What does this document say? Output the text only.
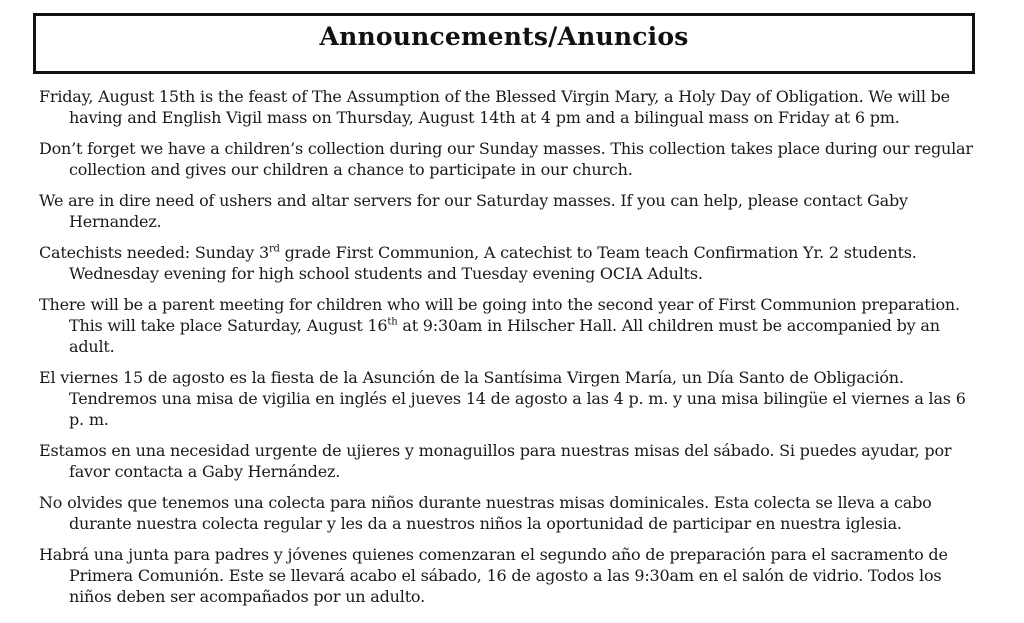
Announcements/Anuncios

Friday, August 15th is the feast of The Assumption of the Blessed Virgin Mary, a Holy Day of Obligation. We will be having and English Vigil mass on Thursday, August 14th at 4 pm and a bilingual mass on Friday at 6 pm.

Don’t forget we have a children’s collection during our Sunday masses. This collection takes place during our regular collection and gives our children a chance to participate in our church.

We are in dire need of ushers and altar servers for our Saturday masses. If you can help, please contact Gaby Hernandez.

Catechists needed: Sunday 3rd grade First Communion, A catechist to Team teach Confirmation Yr. 2 students. Wednesday evening for high school students and Tuesday evening OCIA Adults.

There will be a parent meeting for children who will be going into the second year of First Communion preparation. This will take place Saturday, August 16th at 9:30am in Hilscher Hall. All children must be accompanied by an adult.

El viernes 15 de agosto es la fiesta de la Asunción de la Santísima Virgen María, un Día Santo de Obligación. Tendremos una misa de vigilia en inglés el jueves 14 de agosto a las 4 p. m. y una misa bilingüe el viernes a las 6 p. m.

Estamos en una necesidad urgente de ujieres y monaguillos para nuestras misas del sábado. Si puedes ayudar, por favor contacta a Gaby Hernández.

No olvides que tenemos una colecta para niños durante nuestras misas dominicales. Esta colecta se lleva a cabo durante nuestra colecta regular y les da a nuestros niños la oportunidad de participar en nuestra iglesia.

Habrá una junta para padres y jóvenes quienes comenzaran el segundo año de preparación para el sacramento de Primera Comunión. Este se llevará acabo el sábado, 16 de agosto a las 9:30am en el salón de vidrio. Todos los niños deben ser acompañados por un adulto.
